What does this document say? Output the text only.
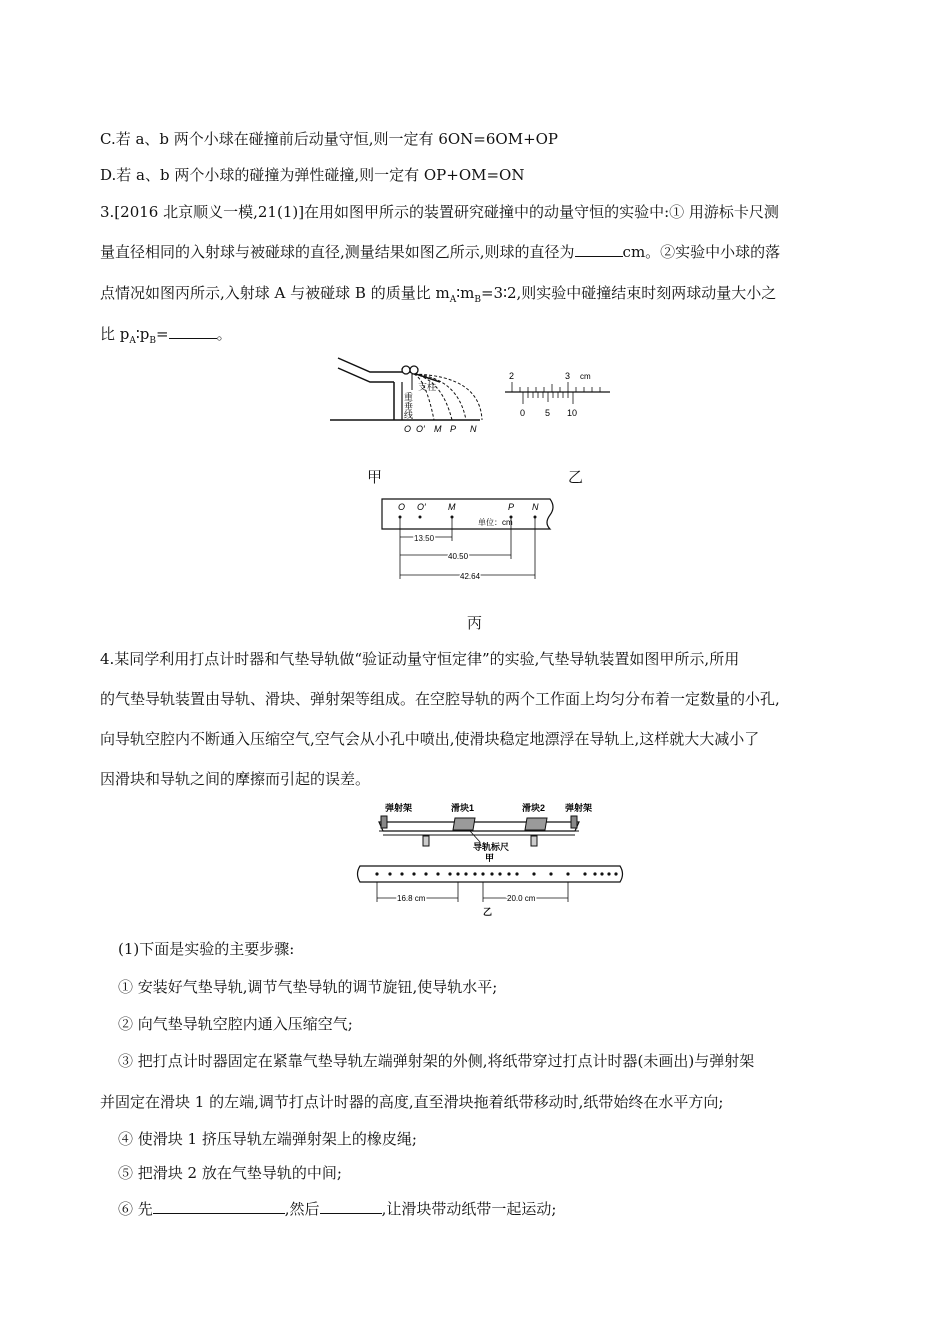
C.若 a、b 两个小球在碰撞前后动量守恒,则一定有 6ON=6OM+OP
D.若 a、b 两个小球的碰撞为弹性碰撞,则一定有 OP+OM=ON
3.[2016 北京顺义一模,21(1)]在用如图甲所示的装置研究碰撞中的动量守恒的实验中:① 用游标卡尺测
量直径相同的入射球与被碰球的直径,测量结果如图乙所示,则球的直径为	cm。②实验中小球的落
点情况如图丙所示,入射球 A 与被碰球 B 的质量比 $m_A∶m_B=3∶2$,则实验中碰撞结束时刻两球动量大小之
比 $p_A∶p_B=$	。
重垂线
支柱
O O′ M P N
2	3 cm
0 5 10
甲	乙
O O′ M	P N
单位：cm
13.50
40.50
42.64
丙
4.某同学利用打点计时器和气垫导轨做“验证动量守恒定律”的实验,气垫导轨装置如图甲所示,所用
的气垫导轨装置由导轨、滑块、弹射架等组成。在空腔导轨的两个工作面上均匀分布着一定数量的小孔,
向导轨空腔内不断通入压缩空气,空气会从小孔中喷出,使滑块稳定地漂浮在导轨上,这样就大大减小了
因滑块和导轨之间的摩擦而引起的误差。
弹射架	滑块1	滑块2 弹射架
导轨标尺
甲
16.8 cm	20.0 cm
乙
(1)下面是实验的主要步骤:
① 安装好气垫导轨,调节气垫导轨的调节旋钮,使导轨水平;
② 向气垫导轨空腔内通入压缩空气;
③ 把打点计时器固定在紧靠气垫导轨左端弹射架的外侧,将纸带穿过打点计时器(未画出)与弹射架
并固定在滑块 1 的左端,调节打点计时器的高度,直至滑块拖着纸带移动时,纸带始终在水平方向;
④ 使滑块 1 挤压导轨左端弹射架上的橡皮绳;
⑤ 把滑块 2 放在气垫导轨的中间;
⑥ 先	,然后	,让滑块带动纸带一起运动;
